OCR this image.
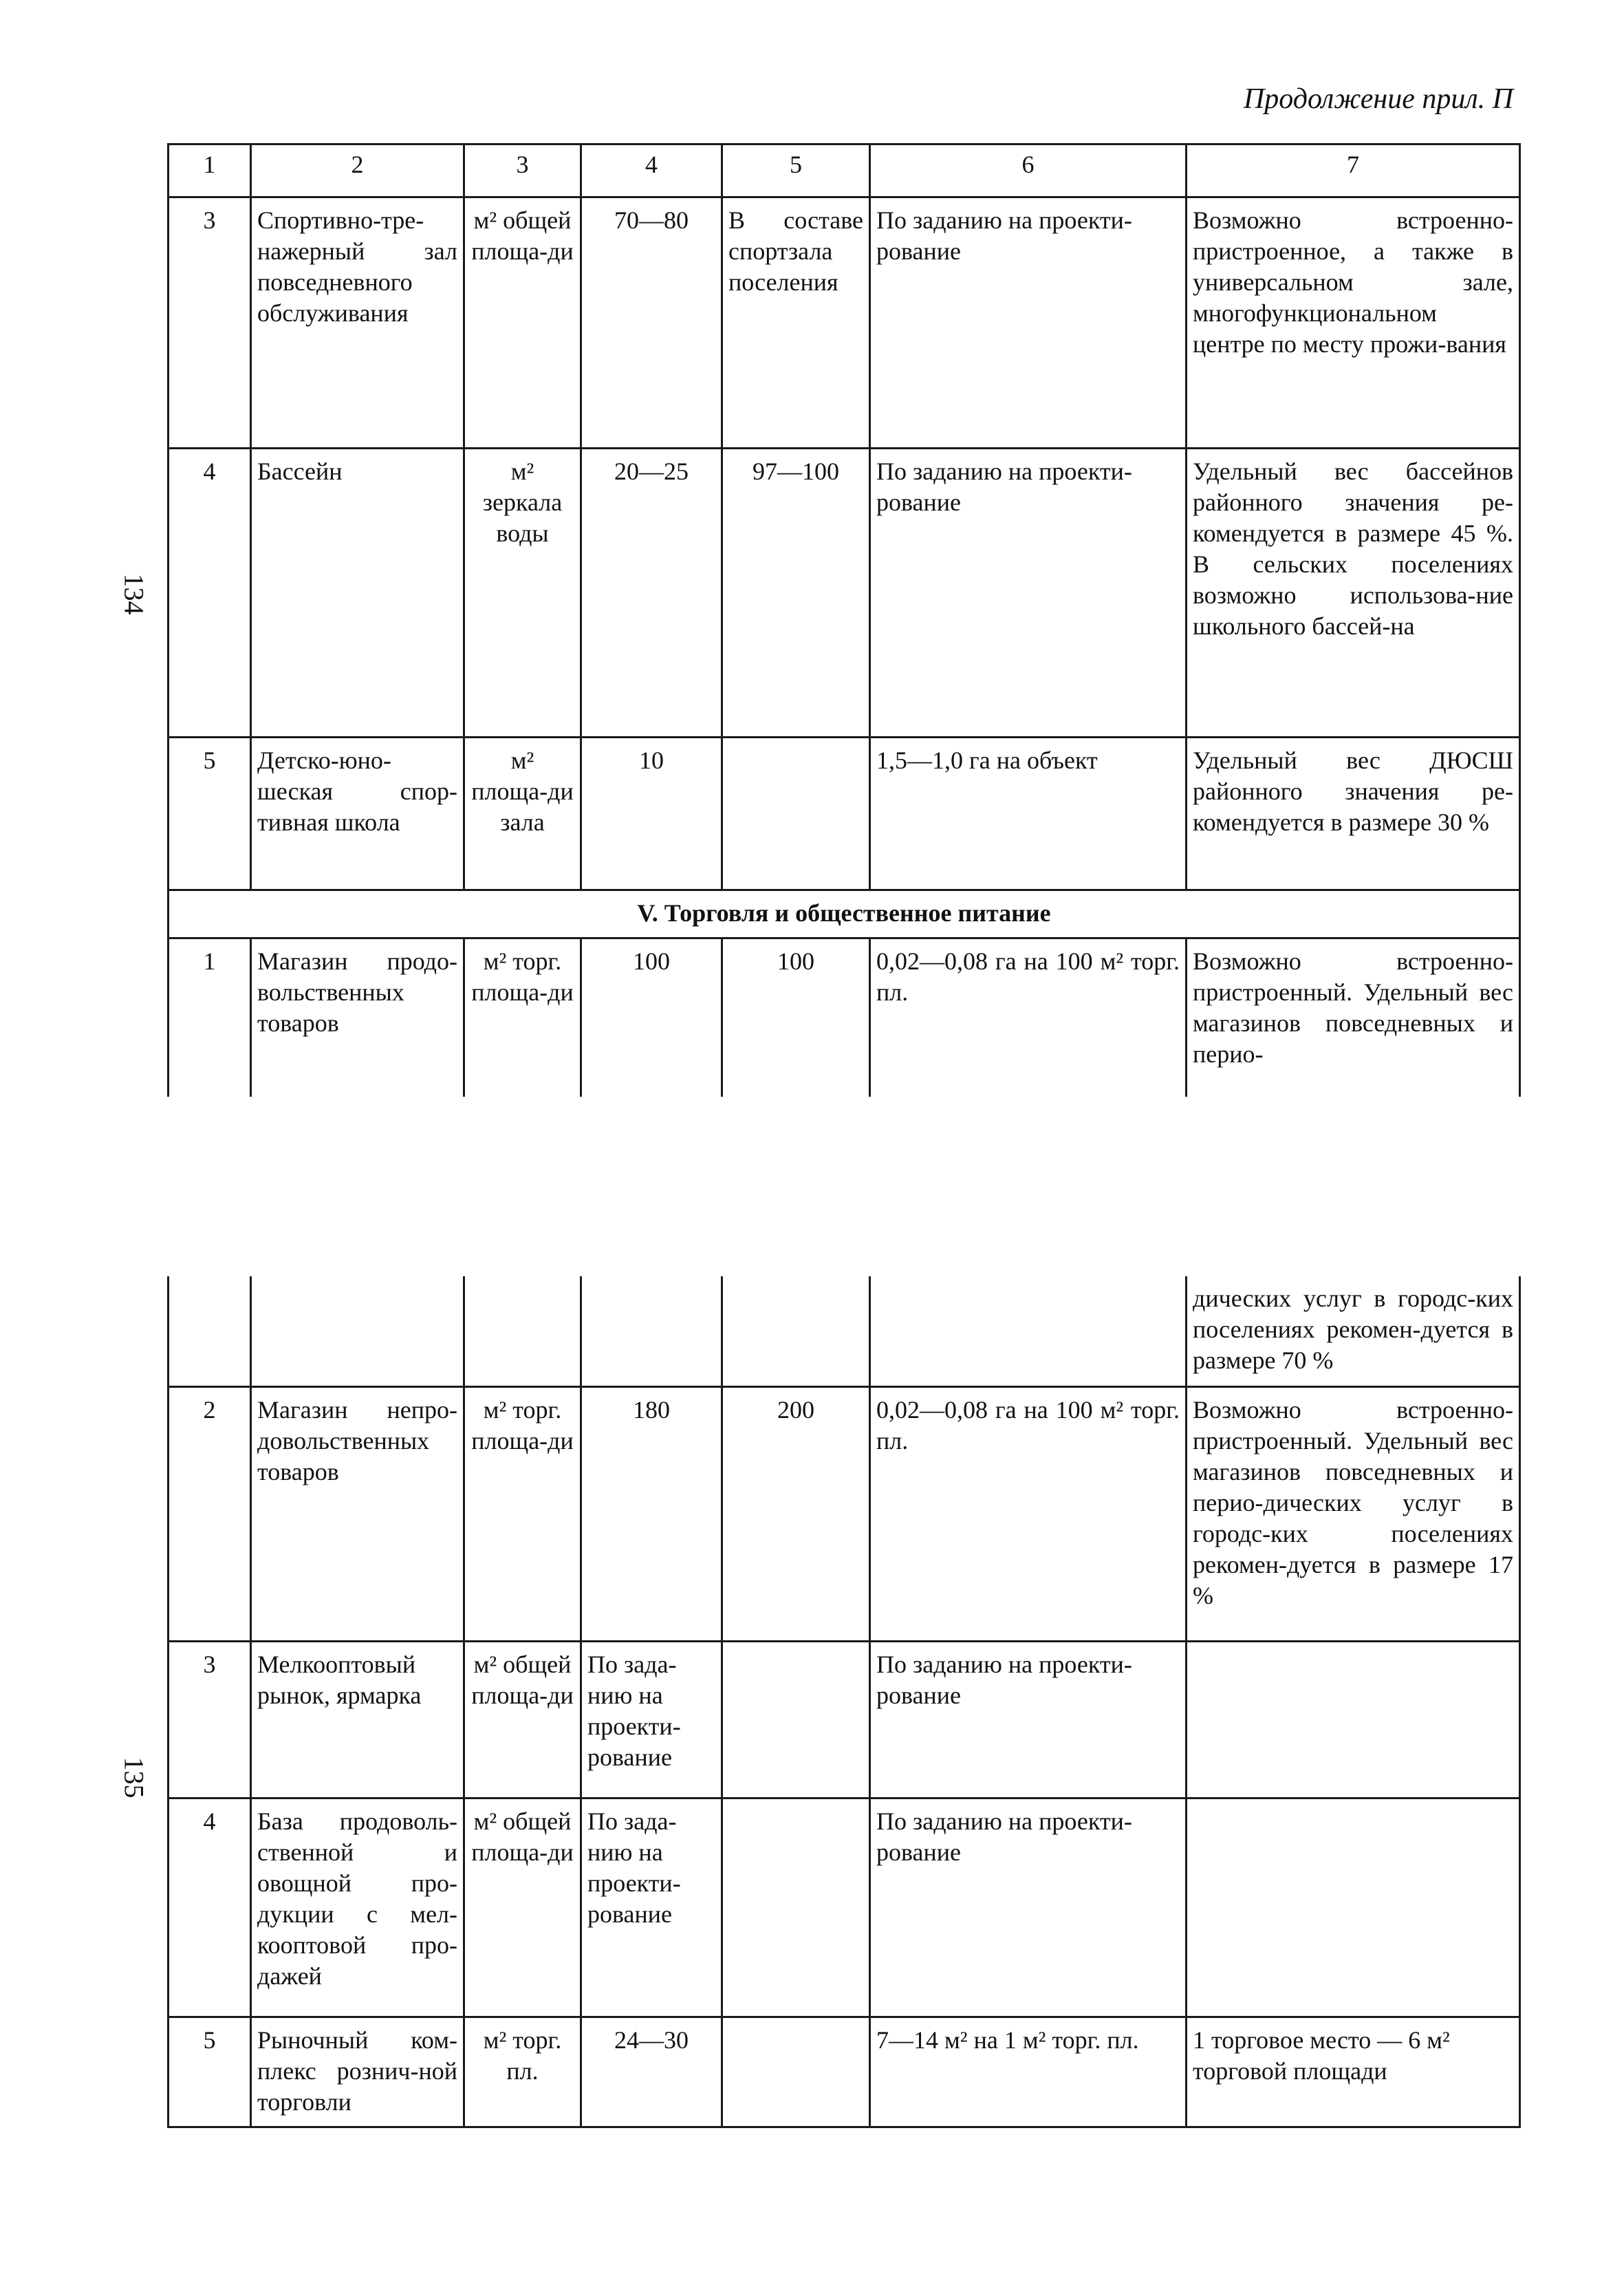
Продолжение прил. П
134
135
1	2	3	4	5	6	7
3	Спортивно-тре-нажерный зал повседневного обслуживания	м² общей площа-ди	70—80	В составе спортзала поселения	По заданию на проекти-рование	Возможно встроенно-пристроенное, а также в универсальном зале, многофункциональном центре по месту прожи-вания
4	Бассейн	м² зеркала воды	20—25	97—100	По заданию на проекти-рование	Удельный вес бассейнов районного значения ре-комендуется в размере 45 %. В сельских поселениях возможно использова-ние школьного бассей-на
5	Детско-юно-шеская спор-тивная школа	м² площа-ди зала	10		1,5—1,0 га на объект	Удельный вес ДЮСШ районного значения ре-комендуется в размере 30 %
V. Торговля и общественное питание						
1	Магазин продо-вольственных товаров	м² торг. площа-ди	100	100	0,02—0,08 га на 100 м² торг. пл.	Возможно встроенно-пристроенный. Удельный вес магазинов повседневных и перио-
						дических услуг в городс-ких поселениях рекомен-дуется в размере 70 %
2	Магазин непро-довольственных товаров	м² торг. площа-ди	180	200	0,02—0,08 га на 100 м² торг. пл.	Возможно встроенно-пристроенный. Удельный вес магазинов повседневных и перио-дических услуг в городс-ких поселениях рекомен-дуется в размере 17 %
3	Мелкооптовый рынок, ярмарка	м² общей площа-ди	По зада-нию на проекти-рование		По заданию на проекти-рование	
4	База продоволь-ственной и овощной про-дукции с мел-кооптовой про-дажей	м² общей площа-ди	По зада-нию на проекти-рование		По заданию на проекти-рование	
5	Рыночный ком-плекс рознич-ной торговли	м² торг. пл.	24—30		7—14 м² на 1 м² торг. пл.	1 торговое место — 6 м² торговой площади
